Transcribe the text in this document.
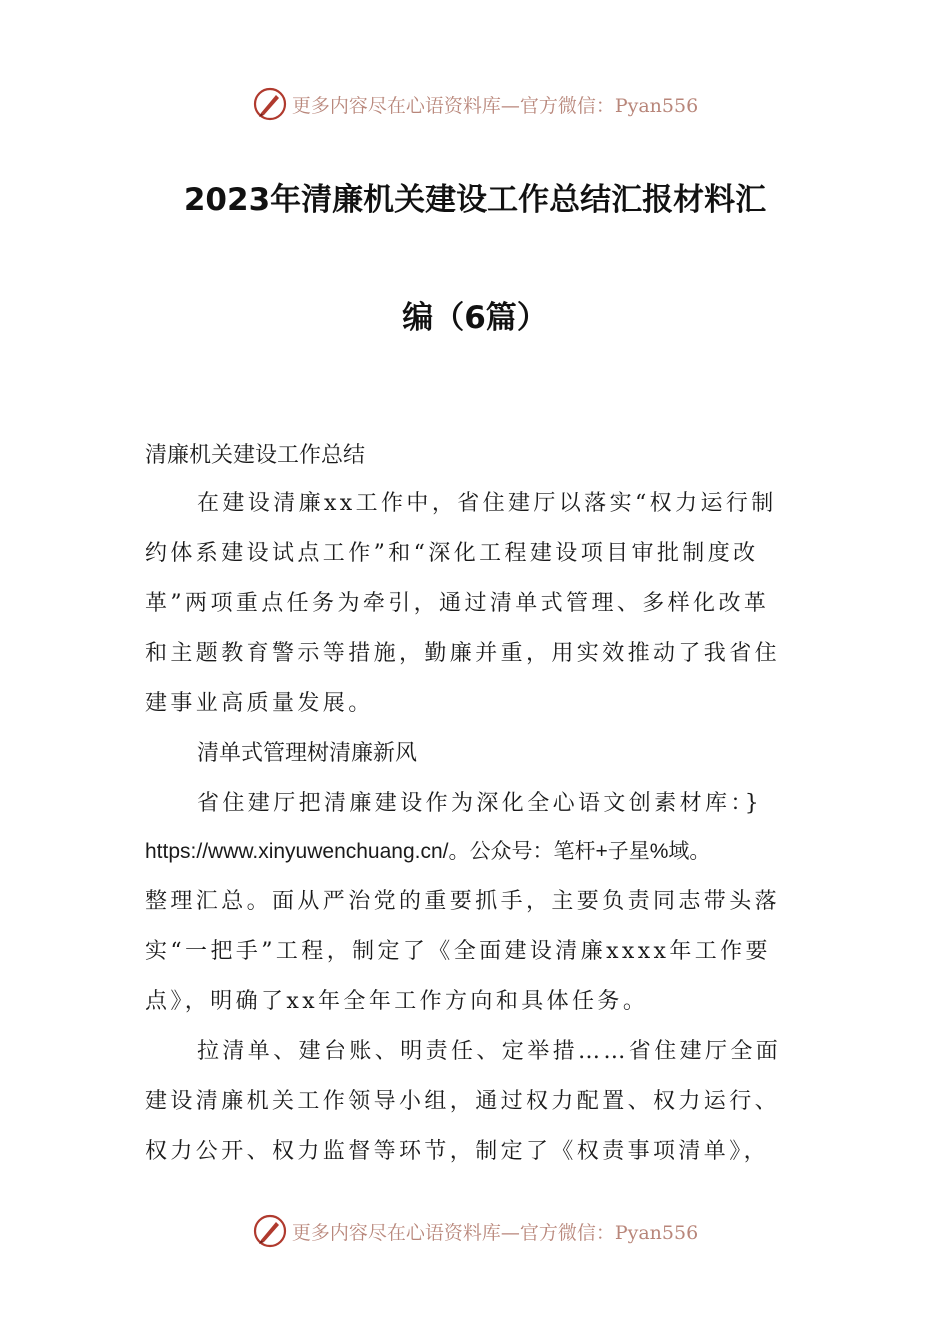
更多内容尽在心语资料库—官方微信：Pyan556
2023年清廉机关建设工作总结汇报材料汇
编（6篇）
清廉机关建设工作总结
在建设清廉xx工作中，省住建厅以落实“权力运行制
约体系建设试点工作”和“深化工程建设项目审批制度改
革”两项重点任务为牵引，通过清单式管理、多样化改革
和主题教育警示等措施，勤廉并重，用实效推动了我省住
建事业高质量发展。
清单式管理树清廉新风
省住建厅把清廉建设作为深化全心语文创素材库：}
https://www.xinyuwenchuang.cn/。公众号：笔杆+子星%域。
整理汇总。面从严治党的重要抓手，主要负责同志带头落
实“一把手”工程，制定了《全面建设清廉xxxx年工作要
点》，明确了xx年全年工作方向和具体任务。
拉清单、建台账、明责任、定举措……省住建厅全面
建设清廉机关工作领导小组，通过权力配置、权力运行、
权力公开、权力监督等环节，制定了《权责事项清单》，
更多内容尽在心语资料库—官方微信：Pyan556
